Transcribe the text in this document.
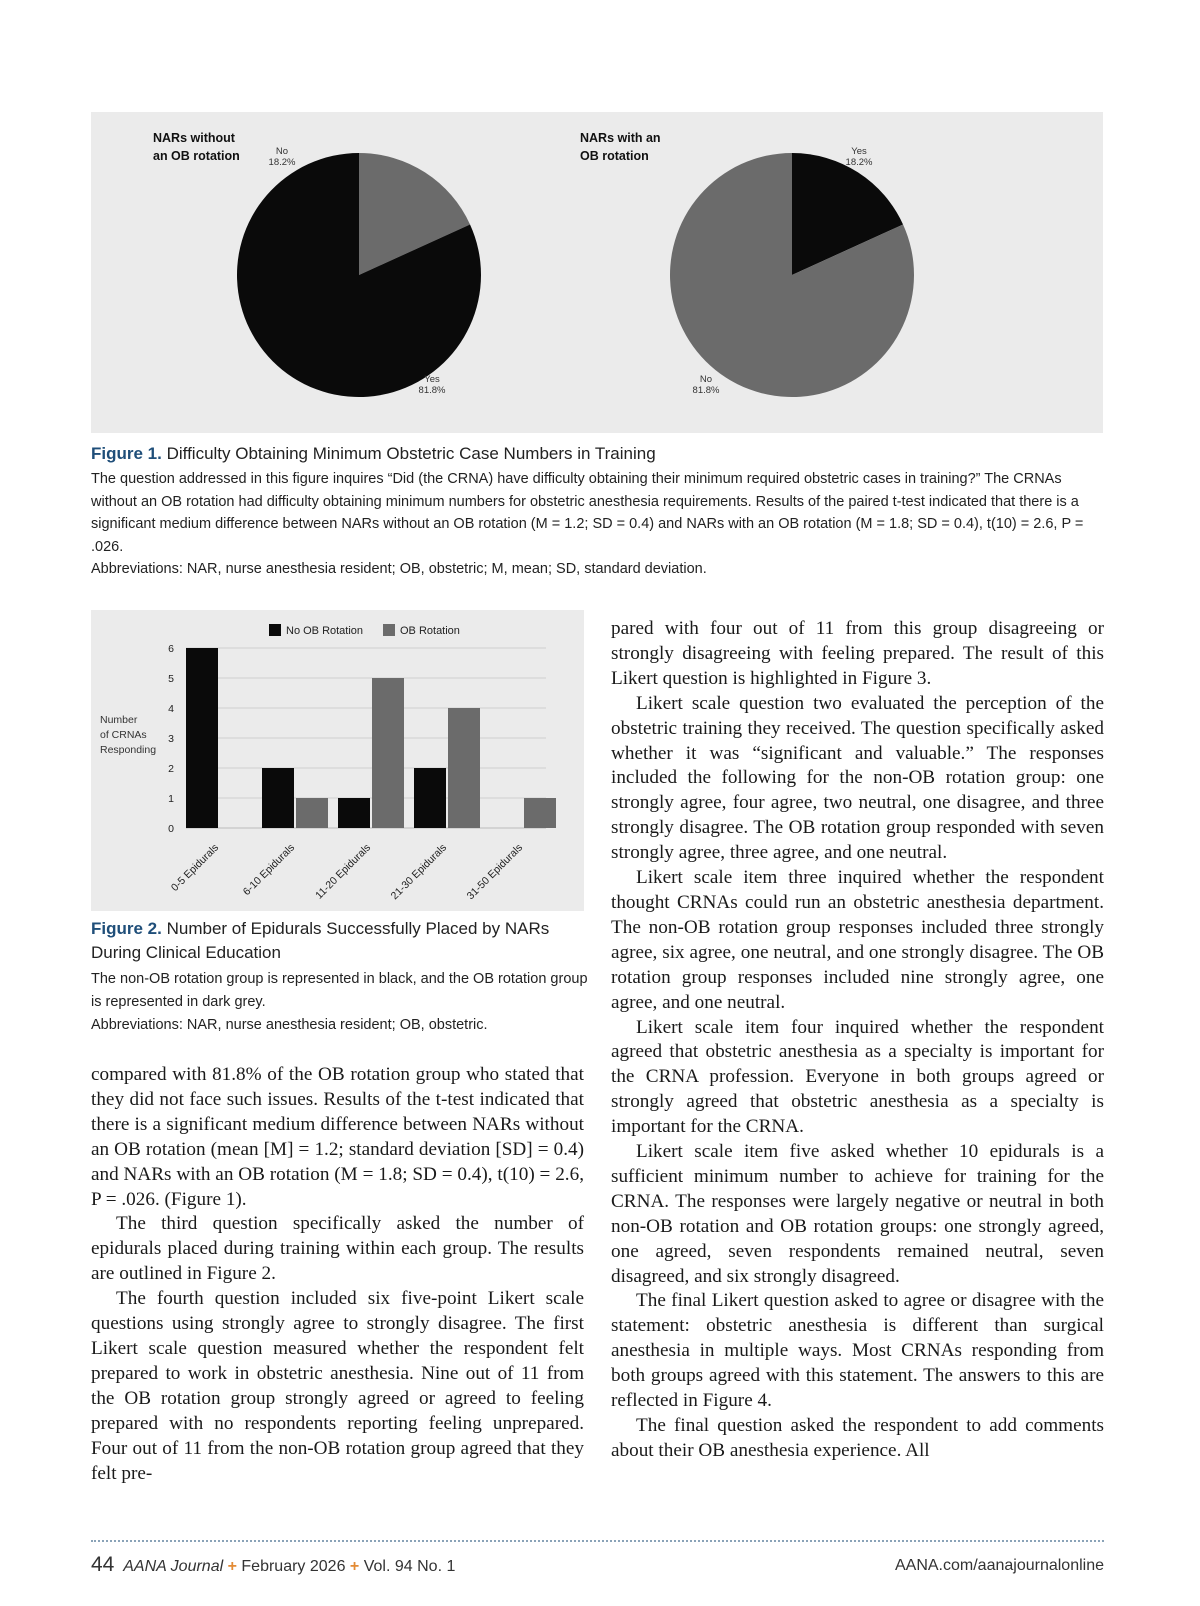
NARs without
an OB rotation	No
18.2%
Yes
81.8%
NARs with an
OB rotation	Yes
18.2%
No
81.8%
Figure 1. Difficulty Obtaining Minimum Obstetric Case Numbers in Training
The question addressed in this figure inquires “Did (the CRNA) have difficulty obtaining their minimum required obstetric cases in training?” The CRNAs without an OB rotation had difficulty obtaining minimum numbers for obstetric anesthesia requirements. Results of the paired t-test indicated that there is a significant medium difference between NARs without an OB rotation (M = 1.2; SD = 0.4) and NARs with an OB rotation (M = 1.8; SD = 0.4), t(10) = 2.6, P = .026.
Abbreviations: NAR, nurse anesthesia resident; OB, obstetric; M, mean; SD, standard deviation.
0
1
2
3
4
5
6
Number
of CRNAs
Responding
No OB Rotation	OB Rotation
0-5 Epidurals 6-10 Epidurals 11-20 Epidurals 21-30 Epidurals 31-50 Epidurals
Figure 2. Number of Epidurals Successfully Placed by NARs During Clinical Education
The non-OB rotation group is represented in black, and the OB rotation group is represented in dark grey.
Abbreviations: NAR, nurse anesthesia resident; OB, obstetric.

compared with 81.8% of the OB rotation group who stated that they did not face such issues. Results of the t-test indicated that there is a significant medium difference between NARs without an OB rotation (mean [M] = 1.2; standard deviation [SD] = 0.4) and NARs with an OB rotation (M = 1.8; SD = 0.4), t(10) = 2.6, P = .026. (Figure 1).

The third question specifically asked the number of epidurals placed during training within each group. The results are outlined in Figure 2.

The fourth question included six five-point Likert scale questions using strongly agree to strongly disagree. The first Likert scale question measured whether the respondent felt prepared to work in obstetric anesthesia. Nine out of 11 from the OB rotation group strongly agreed or agreed to feeling prepared with no respondents reporting feeling unprepared. Four out of 11 from the non-OB rotation group agreed that they felt pre-

pared with four out of 11 from this group disagreeing or strongly disagreeing with feeling prepared. The result of this Likert question is highlighted in Figure 3.

Likert scale question two evaluated the perception of the obstetric training they received. The question specifically asked whether it was “significant and valuable.” The responses included the following for the non-OB rotation group: one strongly agree, four agree, two neutral, one disagree, and three strongly disagree. The OB rotation group responded with seven strongly agree, three agree, and one neutral.

Likert scale item three inquired whether the respondent thought CRNAs could run an obstetric anesthesia department. The non-OB rotation group responses included three strongly agree, six agree, one neutral, and one strongly disagree. The OB rotation group responses included nine strongly agree, one agree, and one neutral.

Likert scale item four inquired whether the respondent agreed that obstetric anesthesia as a specialty is important for the CRNA profession. Everyone in both groups agreed or strongly agreed that obstetric anesthesia as a specialty is important for the CRNA.

Likert scale item five asked whether 10 epidurals is a sufficient minimum number to achieve for training for the CRNA. The responses were largely negative or neutral in both non-OB rotation and OB rotation groups: one strongly agreed, one agreed, seven respondents remained neutral, seven disagreed, and six strongly disagreed.

The final Likert question asked to agree or disagree with the statement: obstetric anesthesia is different than surgical anesthesia in multiple ways. Most CRNAs responding from both groups agreed with this statement. The answers to this are reflected in Figure 4.

The final question asked the respondent to add comments about their OB anesthesia experience. All

44 AANA Journal + February 2026 + Vol. 94 No. 1	AANA.com/aanajournalonline
